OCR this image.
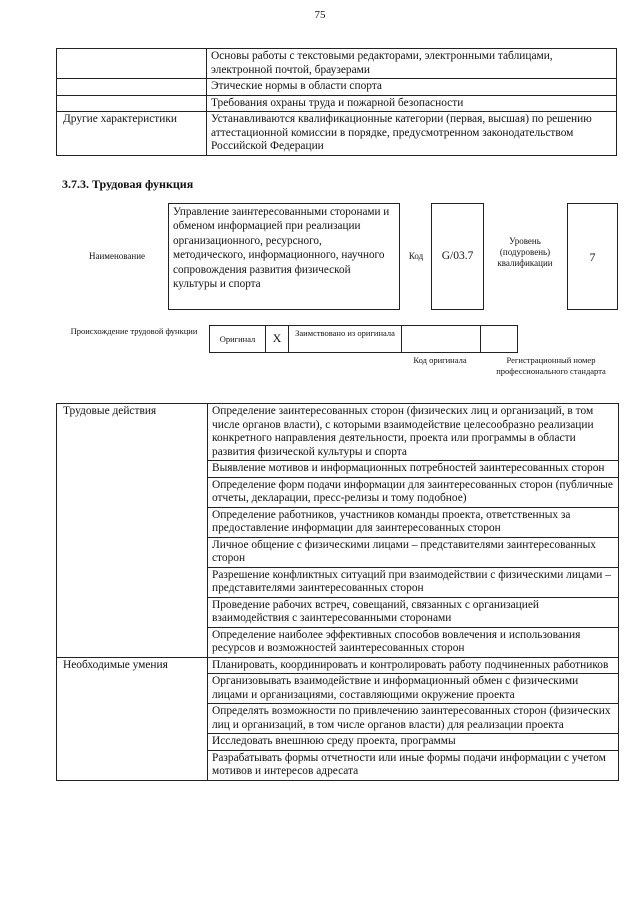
75
	Основы работы с текстовыми редакторами, электронными таблицами, электронной почтой, браузерами
	Этические нормы в области спорта
	Требования охраны труда и пожарной безопасности
Другие характеристики	Устанавливаются квалификационные категории (первая, высшая) по решению аттестационной комиссии в порядке, предусмотренном законодательством Российской Федерации
3.7.3. Трудовая функция
Наименование
Управление заинтересованными сторонами и обменом информацией при реализации организационного, ресурсного, методического, информационного, научного сопровождения развития физической культуры и спорта
Код	G/03.7
Уровень (подуровень) квалификации	7
Происхождение трудовой функции
Оригинал	X	Заимствовано из оригинала
Код оригинала	Регистрационный номер профессионального стандарта
Трудовые действия	Определение заинтересованных сторон (физических лиц и организаций, в том числе органов власти), с которыми взаимодействие целесообразно реализации конкретного направления деятельности, проекта или программы в области развития физической культуры и спорта
	Выявление мотивов и информационных потребностей заинтересованных сторон
	Определение форм подачи информации для заинтересованных сторон (публичные отчеты, декларации, пресс-релизы и тому подобное)
	Определение работников, участников команды проекта, ответственных за предоставление информации для заинтересованных сторон
	Личное общение с физическими лицами – представителями заинтересованных сторон
	Разрешение конфликтных ситуаций при взаимодействии с физическими лицами – представителями заинтересованных сторон
	Проведение рабочих встреч, совещаний, связанных с организацией взаимодействия с заинтересованными сторонами
	Определение наиболее эффективных способов вовлечения и использования ресурсов и возможностей заинтересованных сторон
Необходимые умения	Планировать, координировать и контролировать работу подчиненных работников
	Организовывать взаимодействие и информационный обмен с физическими лицами и организациями, составляющими окружение проекта
	Определять возможности по привлечению заинтересованных сторон (физических лиц и организаций, в том числе органов власти) для реализации проекта
	Исследовать внешнюю среду проекта, программы
	Разрабатывать формы отчетности или иные формы подачи информации с учетом мотивов и интересов адресата
